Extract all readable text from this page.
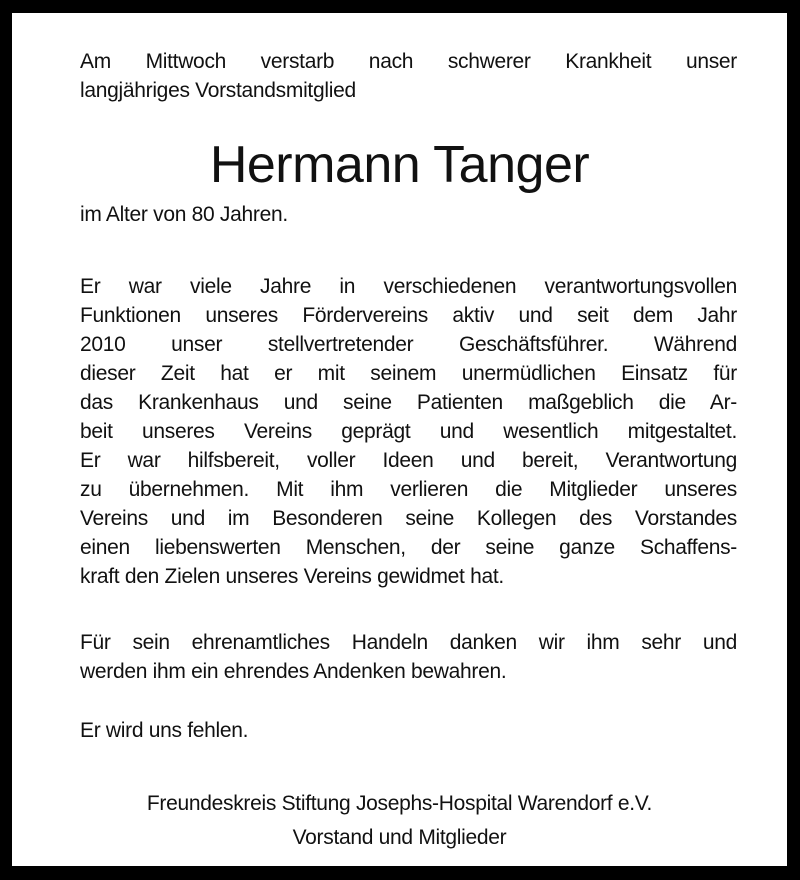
Am Mittwoch verstarb nach schwerer Krankheit unser
langjähriges Vorstandsmitglied
Hermann Tanger
im Alter von 80 Jahren.
Er war viele Jahre in verschiedenen verantwortungsvollen
Funktionen unseres Fördervereins aktiv und seit dem Jahr
2010 unser stellvertretender Geschäftsführer. Während
dieser Zeit hat er mit seinem unermüdlichen Einsatz für
das Krankenhaus und seine Patienten maßgeblich die Ar-
beit unseres Vereins geprägt und wesentlich mitgestaltet.
Er war hilfsbereit, voller Ideen und bereit, Verantwortung
zu übernehmen. Mit ihm verlieren die Mitglieder unseres
Vereins und im Besonderen seine Kollegen des Vorstandes
einen liebenswerten Menschen, der seine ganze Schaffens-
kraft den Zielen unseres Vereins gewidmet hat.
Für sein ehrenamtliches Handeln danken wir ihm sehr und
werden ihm ein ehrendes Andenken bewahren.
Er wird uns fehlen.
Freundeskreis Stiftung Josephs-Hospital Warendorf e.V.
Vorstand und Mitglieder
